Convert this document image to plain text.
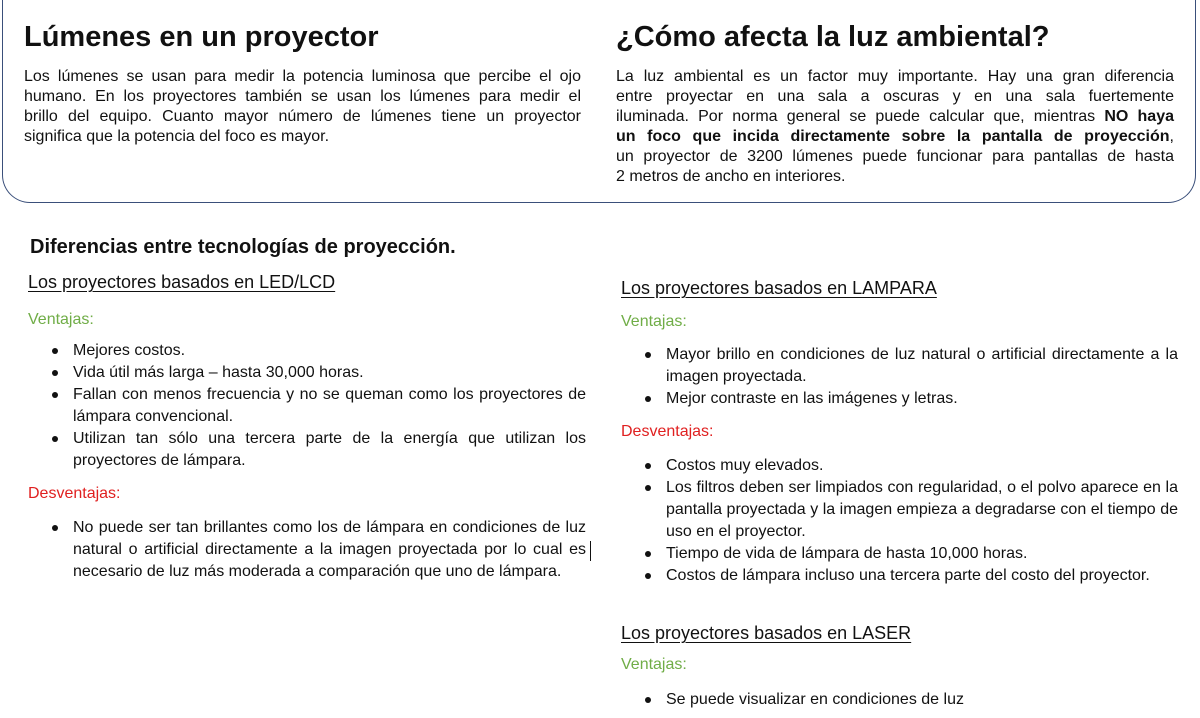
Lúmenes en un proyector
Los lúmenes se usan para medir la potencia luminosa que percibe el ojo
humano. En los proyectores también se usan los lúmenes para medir el
brillo del equipo. Cuanto mayor número de lúmenes tiene un proyector
significa que la potencia del foco es mayor.
¿Cómo afecta la luz ambiental?
La luz ambiental es un factor muy importante. Hay una gran diferencia
entre proyectar en una sala a oscuras y en una sala fuertemente
iluminada. Por norma general se puede calcular que, mientras NO haya
un foco que incida directamente sobre la pantalla de proyección,
un proyector de 3200 lúmenes puede funcionar para pantallas de hasta
2 metros de ancho en interiores.
Diferencias entre tecnologías de proyección.
Los proyectores basados en LED/LCD
Ventajas:
Mejores costos.
Vida útil más larga – hasta 30,000 horas.
Fallan con menos frecuencia y no se queman como los proyectores de lámpara convencional.
Utilizan tan sólo una tercera parte de la energía que utilizan los proyectores de lámpara.
Desventajas:
No puede ser tan brillantes como los de lámpara en condiciones de luz natural o artificial directamente a la imagen proyectada por lo cual es necesario de luz más moderada a comparación que uno de lámpara.
Los proyectores basados en LAMPARA
Ventajas:
Mayor brillo en condiciones de luz natural o artificial directamente a la imagen proyectada.
Mejor contraste en las imágenes y letras.
Desventajas:
Costos muy elevados.
Los filtros deben ser limpiados con regularidad, o el polvo aparece en la pantalla proyectada y la imagen empieza a degradarse con el tiempo de uso en el proyector.
Tiempo de vida de lámpara de hasta 10,000 horas.
Costos de lámpara incluso una tercera parte del costo del proyector.
Los proyectores basados en LASER
Ventajas:
Se puede visualizar en condiciones de luz
